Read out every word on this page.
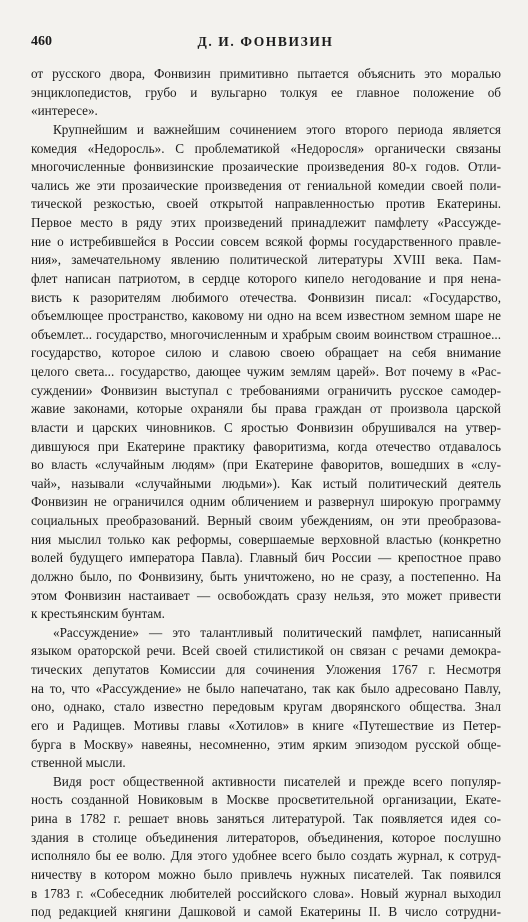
460	Д. И. ФОНВИЗИН
от русского двора, Фонвизин примитивно пытается объяснить это моралью
энциклопедистов, грубо и вульгарно толкуя ее главное положение об
«интересе».
Крупнейшим и важнейшим сочинением этого второго периода является
комедия «Недоросль». С проблематикой «Недоросля» органически связаны
многочисленные фонвизинские прозаические произведения 80-х годов. Отли-
чались же эти прозаические произведения от гениальной комедии своей поли-
тической резкостью, своей открытой направленностью против Екатерины.
Первое место в ряду этих произведений принадлежит памфлету «Рассужде-
ние о истребившейся в России совсем всякой формы государственного правле-
ния», замечательному явлению политической литературы XVIII века. Пам-
флет написан патриотом, в сердце которого кипело негодование и пря нена-
висть к разорителям любимого отечества. Фонвизин писал: «Государство,
объемлющее пространство, каковому ни одно на всем известном земном шаре не
объемлет... государство, многочисленным и храбрым своим воинством страшное...
государство, которое силою и славою своею обращает на себя внимание
целого света... государство, дающее чужим землям царей». Вот почему в «Рас-
суждении» Фонвизин выступал с требованиями ограничить русское самодер-
жавие законами, которые охраняли бы права граждан от произвола царской
власти и царских чиновников. С яростью Фонвизин обрушивался на утвер-
дившуюся при Екатерине практику фаворитизма, когда отечество отдавалось
во власть «случайным людям» (при Екатерине фаворитов, вошедших в «слу-
чай», называли «случайными людьми»). Как истый политический деятель
Фонвизин не ограничился одним обличением и развернул широкую программу
социальных преобразований. Верный своим убеждениям, он эти преобразова-
ния мыслил только как реформы, совершаемые верховной властью (конкретно
волей будущего императора Павла). Главный бич России — крепостное право
должно было, по Фонвизину, быть уничтожено, но не сразу, а постепенно. На
этом Фонвизин настаивает — освобождать сразу нельзя, это может привести
к крестьянским бунтам.
«Рассуждение» — это талантливый политический памфлет, написанный
языком ораторской речи. Всей своей стилистикой он связан с речами демокра-
тических депутатов Комиссии для сочинения Уложения 1767 г. Несмотря
на то, что «Рассуждение» не было напечатано, так как было адресовано Павлу,
оно, однако, стало известно передовым кругам дворянского общества. Знал
его и Радищев. Мотивы главы «Хотилов» в книге «Путешествие из Петер-
бурга в Москву» навеяны, несомненно, этим ярким эпизодом русской обще-
ственной мысли.
Видя рост общественной активности писателей и прежде всего популяр-
ность созданной Новиковым в Москве просветительной организации, Екате-
рина в 1782 г. решает вновь заняться литературой. Так появляется идея со-
здания в столице объединения литераторов, объединения, которое послушно
исполняло бы ее волю. Для этого удобнее всего было создать журнал, к сотруд-
ничеству в котором можно было привлечь нужных писателей. Так появился
в 1783 г. «Собеседник любителей российского слова». Новый журнал выходил
под редакцией княгини Дашковой и самой Екатерины II. В число сотрудни-
